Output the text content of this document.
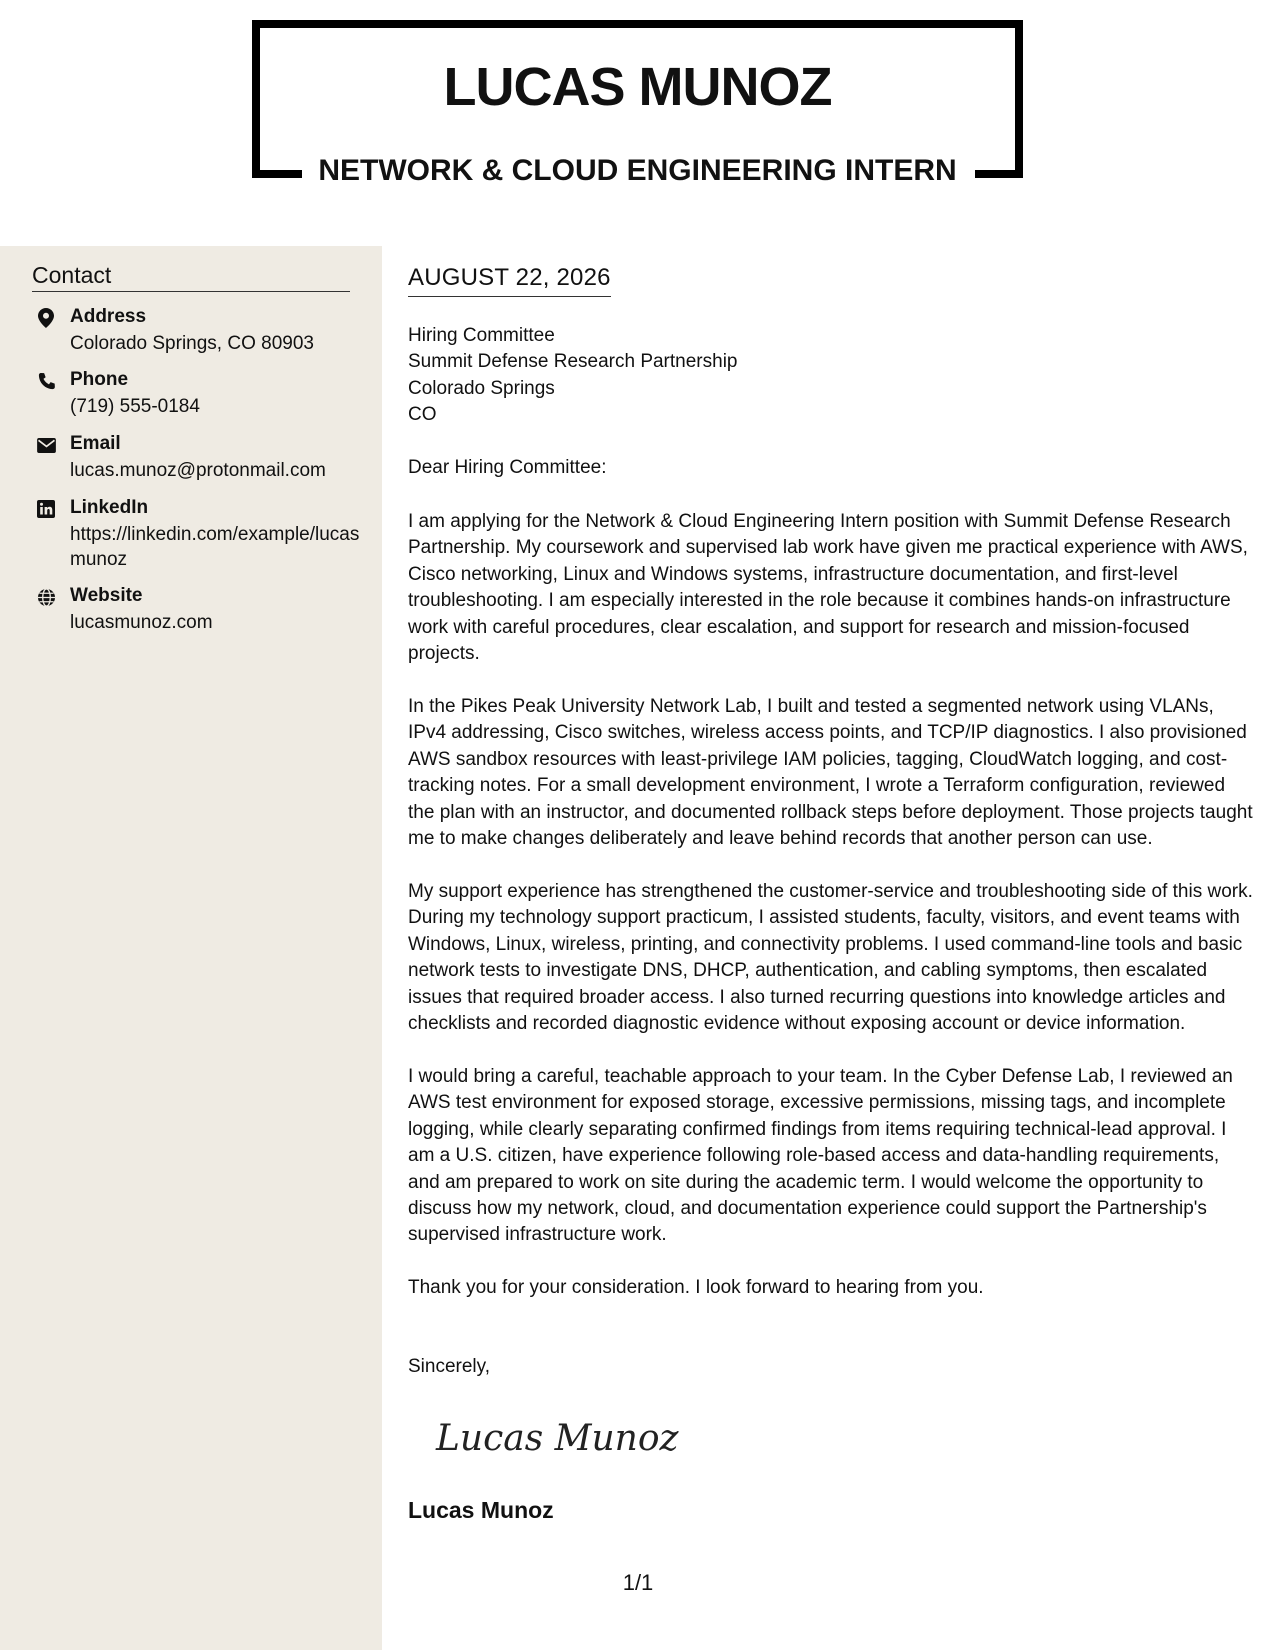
LUCAS MUNOZ
NETWORK & CLOUD ENGINEERING INTERN
Contact
Address
Colorado Springs, CO 80903
Phone
(719) 555-0184
Email
lucas.munoz@protonmail.com
LinkedIn
https://linkedin.com/example/lucasmunoz
Website
lucasmunoz.com
AUGUST 22, 2026
Hiring Committee
Summit Defense Research Partnership
Colorado Springs
CO
Dear Hiring Committee:
I am applying for the Network & Cloud Engineering Intern position with Summit Defense Research Partnership. My coursework and supervised lab work have given me practical experience with AWS, Cisco networking, Linux and Windows systems, infrastructure documentation, and first-level troubleshooting. I am especially interested in the role because it combines hands-on infrastructure work with careful procedures, clear escalation, and support for research and mission-focused projects.
In the Pikes Peak University Network Lab, I built and tested a segmented network using VLANs, IPv4 addressing, Cisco switches, wireless access points, and TCP/IP diagnostics. I also provisioned AWS sandbox resources with least-privilege IAM policies, tagging, CloudWatch logging, and cost-tracking notes. For a small development environment, I wrote a Terraform configuration, reviewed the plan with an instructor, and documented rollback steps before deployment. Those projects taught me to make changes deliberately and leave behind records that another person can use.
My support experience has strengthened the customer-service and troubleshooting side of this work. During my technology support practicum, I assisted students, faculty, visitors, and event teams with Windows, Linux, wireless, printing, and connectivity problems. I used command-line tools and basic network tests to investigate DNS, DHCP, authentication, and cabling symptoms, then escalated issues that required broader access. I also turned recurring questions into knowledge articles and checklists and recorded diagnostic evidence without exposing account or device information.
I would bring a careful, teachable approach to your team. In the Cyber Defense Lab, I reviewed an AWS test environment for exposed storage, excessive permissions, missing tags, and incomplete logging, while clearly separating confirmed findings from items requiring technical-lead approval. I am a U.S. citizen, have experience following role-based access and data-handling requirements, and am prepared to work on site during the academic term. I would welcome the opportunity to discuss how my network, cloud, and documentation experience could support the Partnership's supervised infrastructure work.
Thank you for your consideration. I look forward to hearing from you.
Sincerely,
Lucas Munoz
Lucas Munoz
1/1
